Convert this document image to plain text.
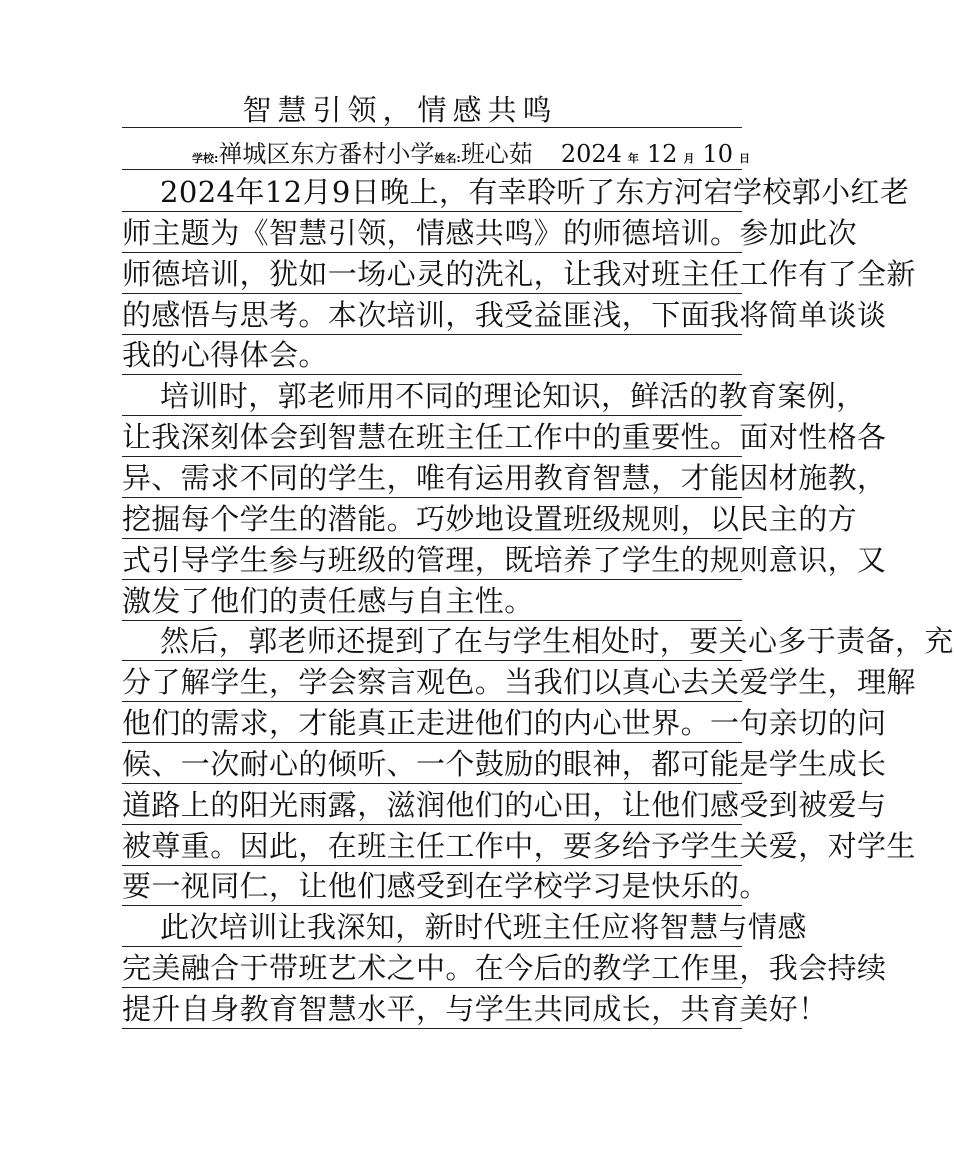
智慧引领，情感共鸣
学校:禅城区东方番村小学姓名:班心茹 2024 年 12 月 10 日
2024年12月9日晚上，有幸聆听了东方河宕学校郭小红老
师主题为《智慧引领，情感共鸣》的师德培训。参加此次
师德培训，犹如一场心灵的洗礼，让我对班主任工作有了全新
的感悟与思考。本次培训，我受益匪浅，下面我将简单谈谈
我的心得体会。
培训时，郭老师用不同的理论知识，鲜活的教育案例，
让我深刻体会到智慧在班主任工作中的重要性。面对性格各
异、需求不同的学生，唯有运用教育智慧，才能因材施教，
挖掘每个学生的潜能。巧妙地设置班级规则，以民主的方
式引导学生参与班级的管理，既培养了学生的规则意识，又
激发了他们的责任感与自主性。
然后，郭老师还提到了在与学生相处时，要关心多于责备，充
分了解学生，学会察言观色。当我们以真心去关爱学生，理解
他们的需求，才能真正走进他们的内心世界。一句亲切的问
候、一次耐心的倾听、一个鼓励的眼神，都可能是学生成长
道路上的阳光雨露，滋润他们的心田，让他们感受到被爱与
被尊重。因此，在班主任工作中，要多给予学生关爱，对学生
要一视同仁，让他们感受到在学校学习是快乐的。
此次培训让我深知，新时代班主任应将智慧与情感
完美融合于带班艺术之中。在今后的教学工作里，我会持续
提升自身教育智慧水平，与学生共同成长，共育美好！
